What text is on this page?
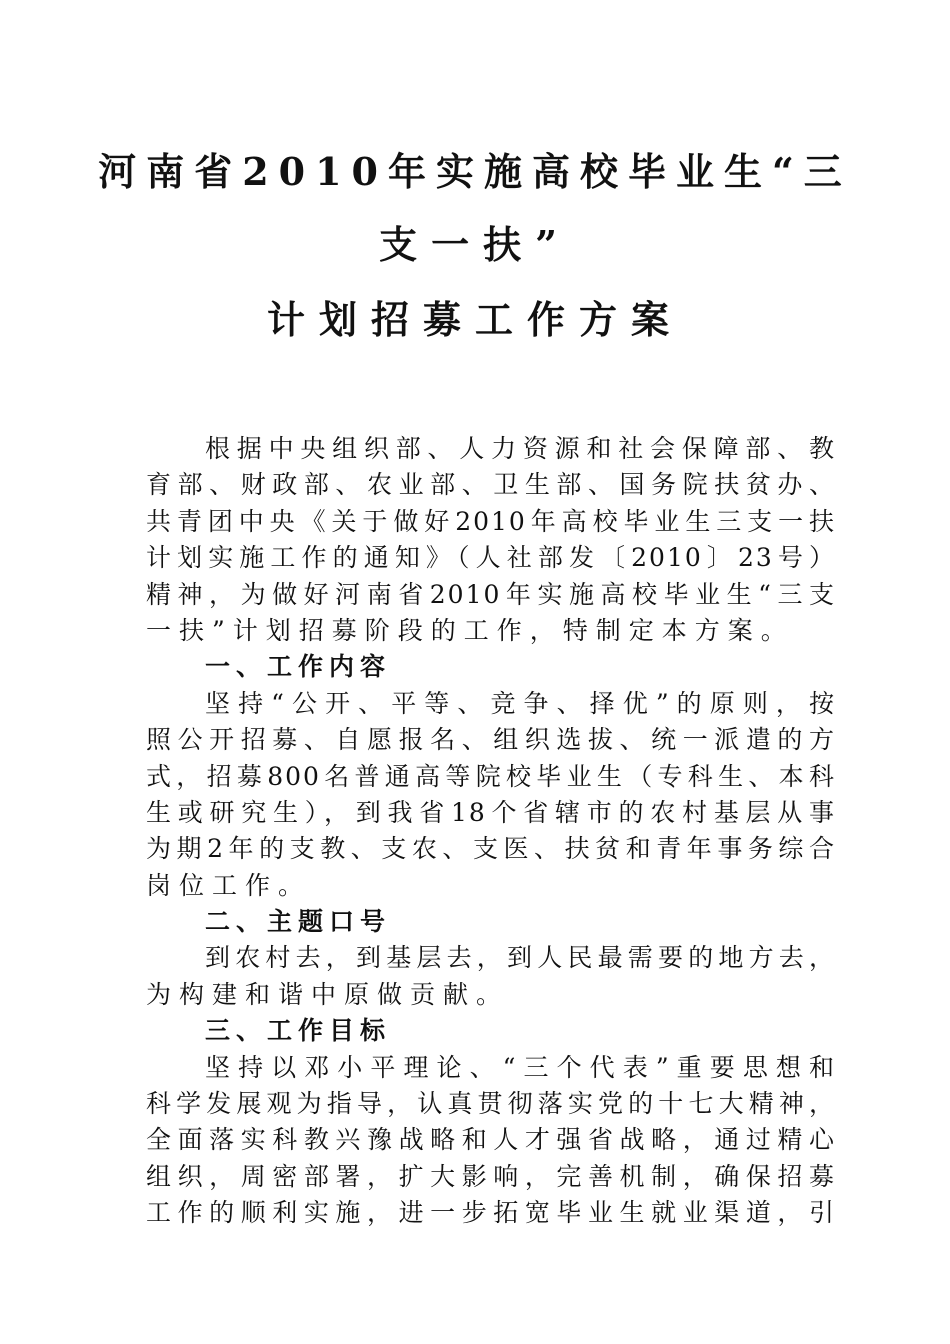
河南省2010年实施高校毕业生“三
支一扶”
计划招募工作方案
根据中央组织部、人力资源和社会保障部、教
育部、财政部、农业部、卫生部、国务院扶贫办、
共青团中央《关于做好2010年高校毕业生三支一扶
计划实施工作的通知》（人社部发〔2010〕23号）
精神，为做好河南省2010年实施高校毕业生“三支
一扶”计划招募阶段的工作，特制定本方案。
一、工作内容
坚持“公开、平等、竞争、择优”的原则，按
照公开招募、自愿报名、组织选拔、统一派遣的方
式，招募800名普通高等院校毕业生（专科生、本科
生或研究生），到我省18个省辖市的农村基层从事
为期2年的支教、支农、支医、扶贫和青年事务综合
岗位工作。
二、主题口号
到农村去，到基层去，到人民最需要的地方去，
为构建和谐中原做贡献。
三、工作目标
坚持以邓小平理论、“三个代表”重要思想和
科学发展观为指导，认真贯彻落实党的十七大精神，
全面落实科教兴豫战略和人才强省战略，通过精心
组织，周密部署，扩大影响，完善机制，确保招募
工作的顺利实施，进一步拓宽毕业生就业渠道，引
